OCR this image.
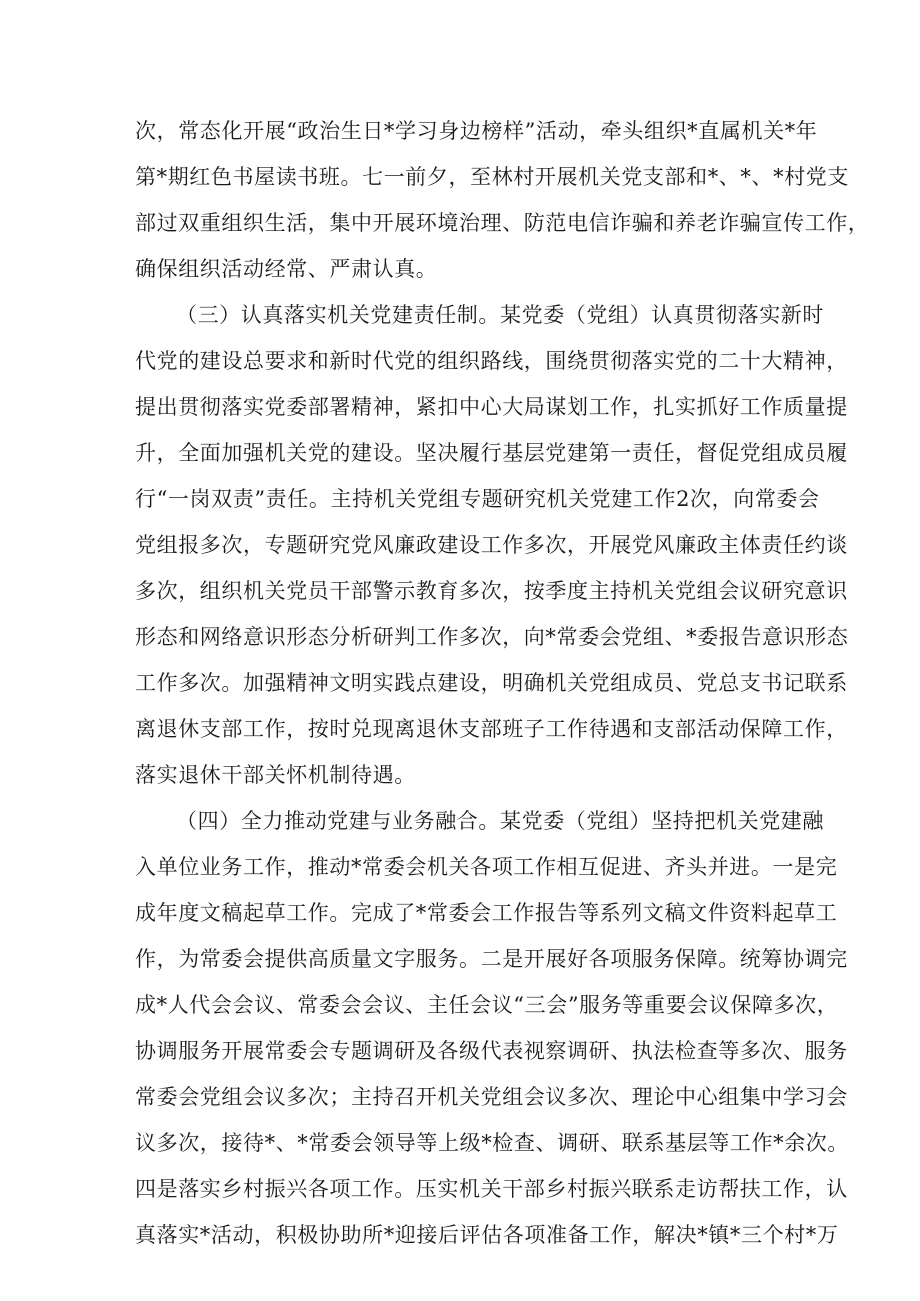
次，常态化开展“政治生日*学习身边榜样”活动，牵头组织*直属机关*年
第*期红色书屋读书班。七一前夕，至林村开展机关党支部和*、*、*村党支
部过双重组织生活，集中开展环境治理、防范电信诈骗和养老诈骗宣传工作，
确保组织活动经常、严肃认真。
（三）认真落实机关党建责任制。某党委（党组）认真贯彻落实新时
代党的建设总要求和新时代党的组织路线，围绕贯彻落实党的二十大精神，
提出贯彻落实党委部署精神，紧扣中心大局谋划工作，扎实抓好工作质量提
升，全面加强机关党的建设。坚决履行基层党建第一责任，督促党组成员履
行“一岗双责”责任。主持机关党组专题研究机关党建工作2次，向常委会
党组报多次，专题研究党风廉政建设工作多次，开展党风廉政主体责任约谈
多次，组织机关党员干部警示教育多次，按季度主持机关党组会议研究意识
形态和网络意识形态分析研判工作多次，向*常委会党组、*委报告意识形态
工作多次。加强精神文明实践点建设，明确机关党组成员、党总支书记联系
离退休支部工作，按时兑现离退休支部班子工作待遇和支部活动保障工作，
落实退休干部关怀机制待遇。
（四）全力推动党建与业务融合。某党委（党组）坚持把机关党建融
入单位业务工作，推动*常委会机关各项工作相互促进、齐头并进。一是完
成年度文稿起草工作。完成了*常委会工作报告等系列文稿文件资料起草工
作，为常委会提供高质量文字服务。二是开展好各项服务保障。统筹协调完
成*人代会会议、常委会会议、主任会议“三会”服务等重要会议保障多次，
协调服务开展常委会专题调研及各级代表视察调研、执法检查等多次、服务
常委会党组会议多次；主持召开机关党组会议多次、理论中心组集中学习会
议多次，接待*、*常委会领导等上级*检查、调研、联系基层等工作*余次。
四是落实乡村振兴各项工作。压实机关干部乡村振兴联系走访帮扶工作，认
真落实*活动，积极协助所*迎接后评估各项准备工作，解决*镇*三个村*万
